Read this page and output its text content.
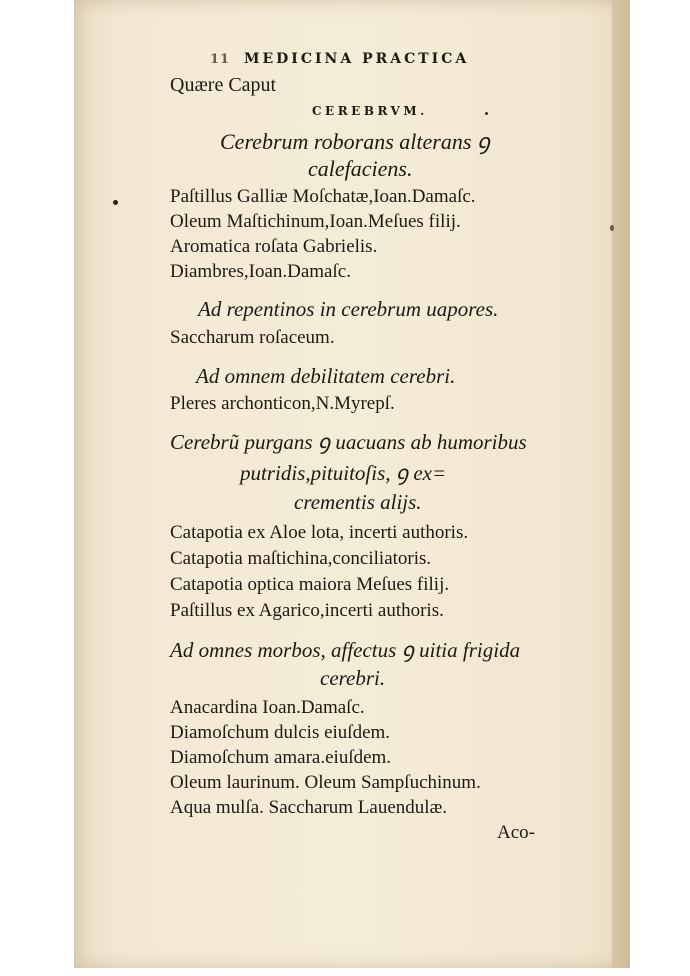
11 MEDICINA PRACTICA
Quære Caput
CEREBRVM.
Cerebrum roborans alterans ꝯ
calefaciens.
Paſtillus Galliæ Moſchatæ,Ioan.Damaſc.
Oleum Maſtichinum,Ioan.Meſues filij.
Aromatica roſata Gabrielis.
Diambres,Ioan.Damaſc.
Ad repentinos in cerebrum uapores.
Saccharum roſaceum.
Ad omnem debilitatem cerebri.
Pleres archonticon,N.Myrepſ.
Cerebrũ purgans ꝯ uacuans ab humoribus
putridis,pituitoſis, ꝯ ex=
crementis aliјs.
Catapotia ex Aloe lota, incerti authoris.
Catapotia maſtichina,conciliatoris.
Catapotia optica maiora Meſues filij.
Paſtillus ex Agarico,incerti authoris.
Ad omnes morbos, affectus ꝯ uitia frigida
cerebri.
Anacardina Ioan.Damaſc.
Diamoſchum dulcis eiuſdem.
Diamoſchum amara.eiuſdem.
Oleum laurinum. Oleum Sampſuchinum.
Aqua mulſa. Saccharum Lauendulæ.
Aco-
